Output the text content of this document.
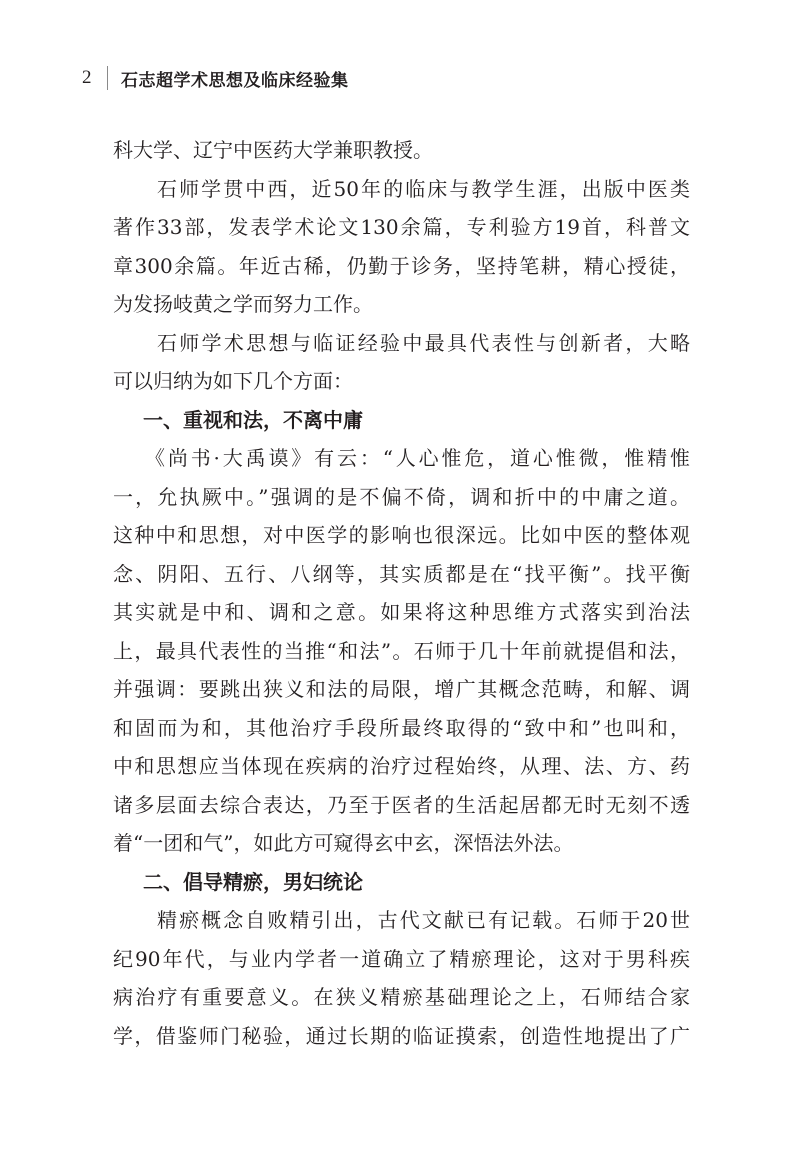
2	石志超学术思想及临床经验集
科大学、辽宁中医药大学兼职教授。
石师学贯中西，近50年的临床与教学生涯，出版中医类
著作33部，发表学术论文130余篇，专利验方19首，科普文
章300余篇。年近古稀，仍勤于诊务，坚持笔耕，精心授徒，
为发扬岐黄之学而努力工作。
石师学术思想与临证经验中最具代表性与创新者，大略
可以归纳为如下几个方面：
一、重视和法，不离中庸
《尚书·大禹谟》有云：“人心惟危，道心惟微，惟精惟
一，允执厥中。”强调的是不偏不倚，调和折中的中庸之道。
这种中和思想，对中医学的影响也很深远。比如中医的整体观
念、阴阳、五行、八纲等，其实质都是在“找平衡”。找平衡
其实就是中和、调和之意。如果将这种思维方式落实到治法
上，最具代表性的当推“和法”。石师于几十年前就提倡和法，
并强调：要跳出狭义和法的局限，增广其概念范畴，和解、调
和固而为和，其他治疗手段所最终取得的“致中和”也叫和，
中和思想应当体现在疾病的治疗过程始终，从理、法、方、药
诸多层面去综合表达，乃至于医者的生活起居都无时无刻不透
着“一团和气”，如此方可窥得玄中玄，深悟法外法。
二、倡导精瘀，男妇统论
精瘀概念自败精引出，古代文献已有记载。石师于20世
纪90年代，与业内学者一道确立了精瘀理论，这对于男科疾
病治疗有重要意义。在狭义精瘀基础理论之上，石师结合家
学，借鉴师门秘验，通过长期的临证摸索，创造性地提出了广
